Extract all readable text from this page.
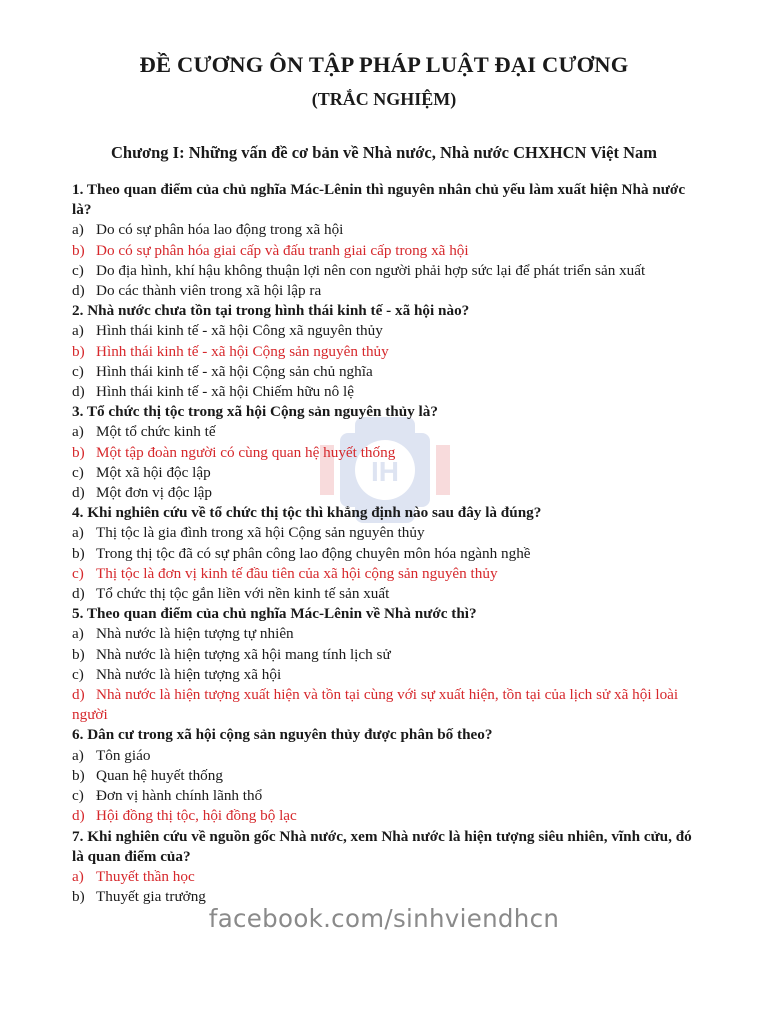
IH
ĐỀ CƯƠNG ÔN TẬP PHÁP LUẬT ĐẠI CƯƠNG
(TRẮC NGHIỆM)
Chương I: Những vấn đề cơ bản về Nhà nước, Nhà nước CHXHCN Việt Nam
1. Theo quan điểm của chủ nghĩa Mác-Lênin thì nguyên nhân chủ yếu làm xuất hiện Nhà nước là?
a) Do có sự phân hóa lao động trong xã hội
b) Do có sự phân hóa giai cấp và đấu tranh giai cấp trong xã hội
c) Do địa hình, khí hậu không thuận lợi nên con người phải hợp sức lại để phát triển sản xuất
d) Do các thành viên trong xã hội lập ra
2. Nhà nước chưa tồn tại trong hình thái kinh tế - xã hội nào?
a) Hình thái kinh tế - xã hội Công xã nguyên thủy
b) Hình thái kinh tế - xã hội Cộng sản nguyên thủy
c) Hình thái kinh tế - xã hội Cộng sản chủ nghĩa
d) Hình thái kinh tế - xã hội Chiếm hữu nô lệ
3. Tổ chức thị tộc trong xã hội Cộng sản nguyên thủy là?
a) Một tổ chức kinh tế
b) Một tập đoàn người có cùng quan hệ huyết thống
c) Một xã hội độc lập
d) Một đơn vị độc lập
4. Khi nghiên cứu về tổ chức thị tộc thì khẳng định nào sau đây là đúng?
a) Thị tộc là gia đình trong xã hội Cộng sản nguyên thủy
b) Trong thị tộc đã có sự phân công lao động chuyên môn hóa ngành nghề
c) Thị tộc là đơn vị kinh tế đầu tiên của xã hội cộng sản nguyên thủy
d) Tổ chức thị tộc gắn liền với nền kinh tế sản xuất
5. Theo quan điểm của chủ nghĩa Mác-Lênin về Nhà nước thì?
a) Nhà nước là hiện tượng tự nhiên
b) Nhà nước là hiện tượng xã hội mang tính lịch sử
c) Nhà nước là hiện tượng xã hội
d) Nhà nước là hiện tượng xuất hiện và tồn tại cùng với sự xuất hiện, tồn tại của lịch sử xã hội loài người
6. Dân cư trong xã hội cộng sản nguyên thủy được phân bố theo?
a) Tôn giáo
b) Quan hệ huyết thống
c) Đơn vị hành chính lãnh thổ
d) Hội đồng thị tộc, hội đồng bộ lạc
7. Khi nghiên cứu về nguồn gốc Nhà nước, xem Nhà nước là hiện tượng siêu nhiên, vĩnh cửu, đó là quan điểm của?
a) Thuyết thần học
b) Thuyết gia trưởng
facebook.com/sinhviendhcn
